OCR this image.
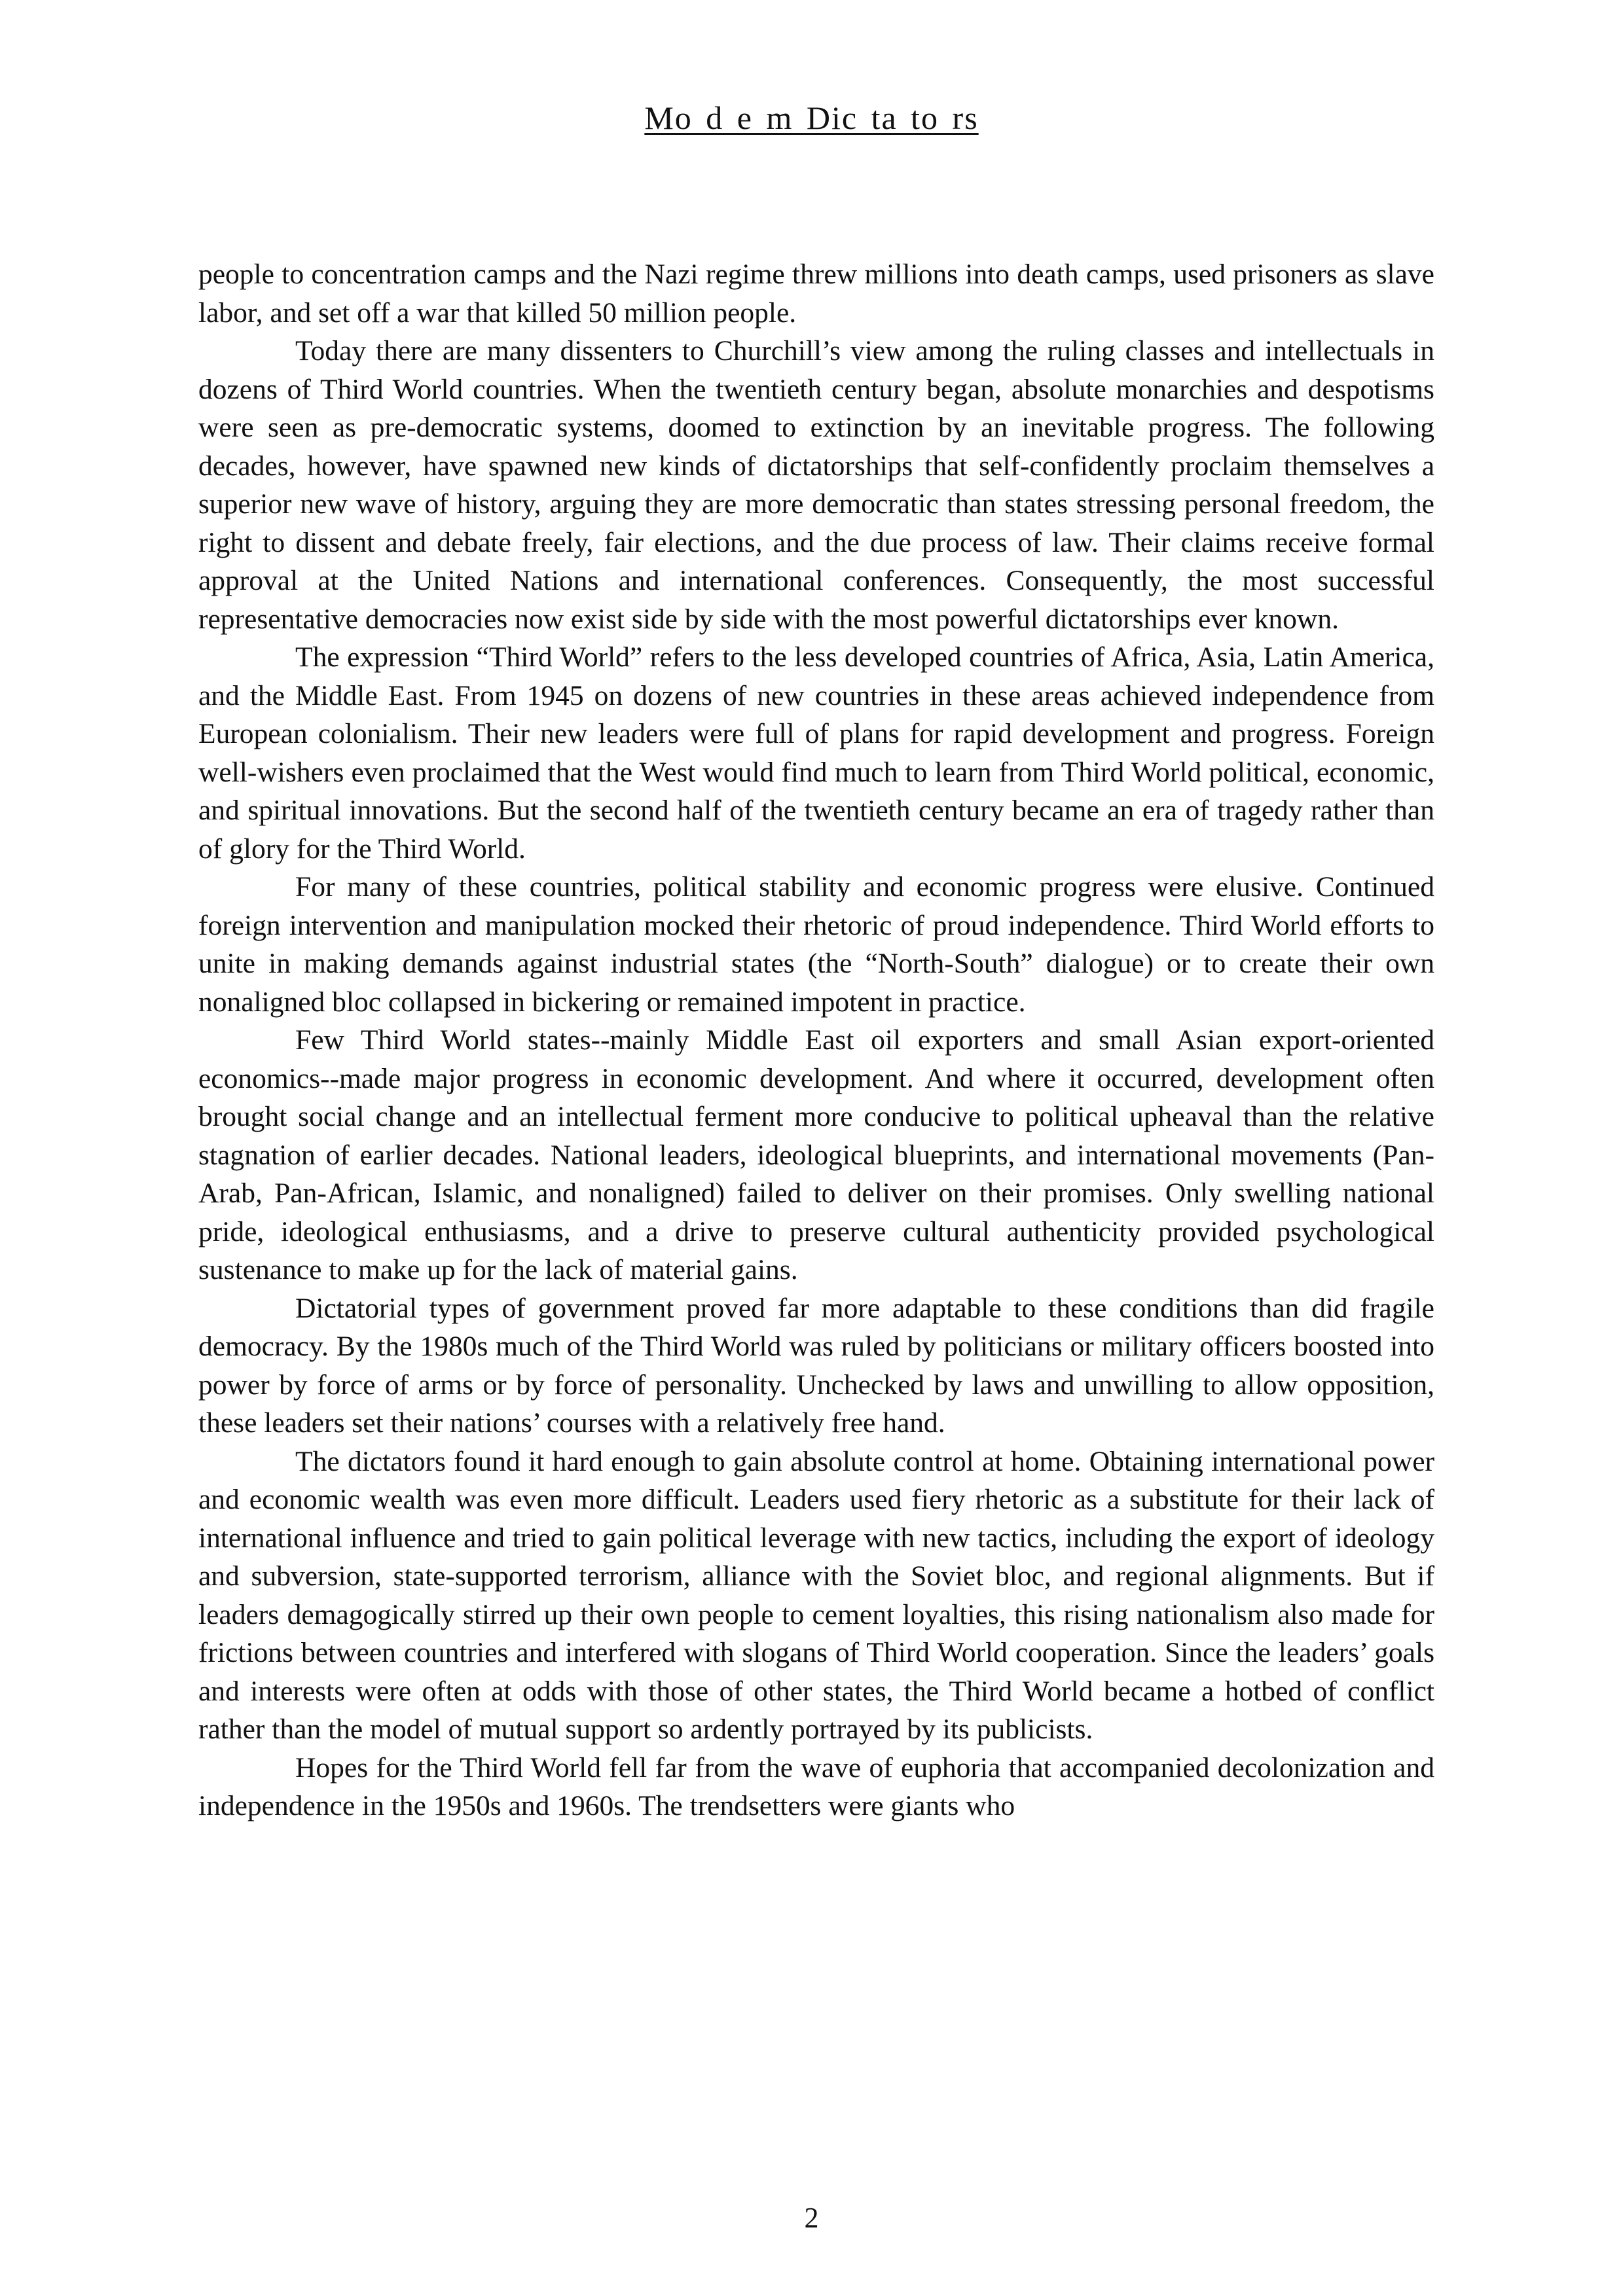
Mo d e m Dic ta to rs

people to concentration camps and the Nazi regime threw millions into death camps, used prisoners as slave labor, and set off a war that killed 50 million people.

Today there are many dissenters to Churchill’s view among the ruling classes and intellectuals in dozens of Third World countries. When the twentieth century began, absolute monarchies and despotisms were seen as pre-democratic systems, doomed to extinction by an inevitable progress. The following decades, however, have spawned new kinds of dictatorships that self-confidently proclaim themselves a superior new wave of history, arguing they are more democratic than states stressing personal freedom, the right to dissent and debate freely, fair elections, and the due process of law. Their claims receive formal approval at the United Nations and international conferences. Consequently, the most successful representative democracies now exist side by side with the most powerful dictatorships ever known.

The expression “Third World” refers to the less developed countries of Africa, Asia, Latin America, and the Middle East. From 1945 on dozens of new countries in these areas achieved independence from European colonialism. Their new leaders were full of plans for rapid development and progress. Foreign well-wishers even proclaimed that the West would find much to learn from Third World political, economic, and spiritual innovations. But the second half of the twentieth century became an era of tragedy rather than of glory for the Third World.

For many of these countries, political stability and economic progress were elusive. Continued foreign intervention and manipulation mocked their rhetoric of proud independence. Third World efforts to unite in making demands against industrial states (the “North-South” dialogue) or to create their own nonaligned bloc collapsed in bickering or remained impotent in practice.

Few Third World states--mainly Middle East oil exporters and small Asian export-oriented economics--made major progress in economic development. And where it occurred, development often brought social change and an intellectual ferment more conducive to political upheaval than the relative stagnation of earlier decades. National leaders, ideological blueprints, and international movements (Pan-Arab, Pan-African, Islamic, and nonaligned) failed to deliver on their promises. Only swelling national pride, ideological enthusiasms, and a drive to preserve cultural authenticity provided psychological sustenance to make up for the lack of material gains.

Dictatorial types of government proved far more adaptable to these conditions than did fragile democracy. By the 1980s much of the Third World was ruled by politicians or military officers boosted into power by force of arms or by force of personality. Unchecked by laws and unwilling to allow opposition, these leaders set their nations’ courses with a relatively free hand.

The dictators found it hard enough to gain absolute control at home. Obtaining international power and economic wealth was even more difficult. Leaders used fiery rhetoric as a substitute for their lack of international influence and tried to gain political leverage with new tactics, including the export of ideology and subversion, state-supported terrorism, alliance with the Soviet bloc, and regional alignments. But if leaders demagogically stirred up their own people to cement loyalties, this rising nationalism also made for frictions between countries and interfered with slogans of Third World cooperation. Since the leaders’ goals and interests were often at odds with those of other states, the Third World became a hotbed of conflict rather than the model of mutual support so ardently portrayed by its publicists.

Hopes for the Third World fell far from the wave of euphoria that accompanied decolonization and independence in the 1950s and 1960s. The trendsetters were giants who

2
